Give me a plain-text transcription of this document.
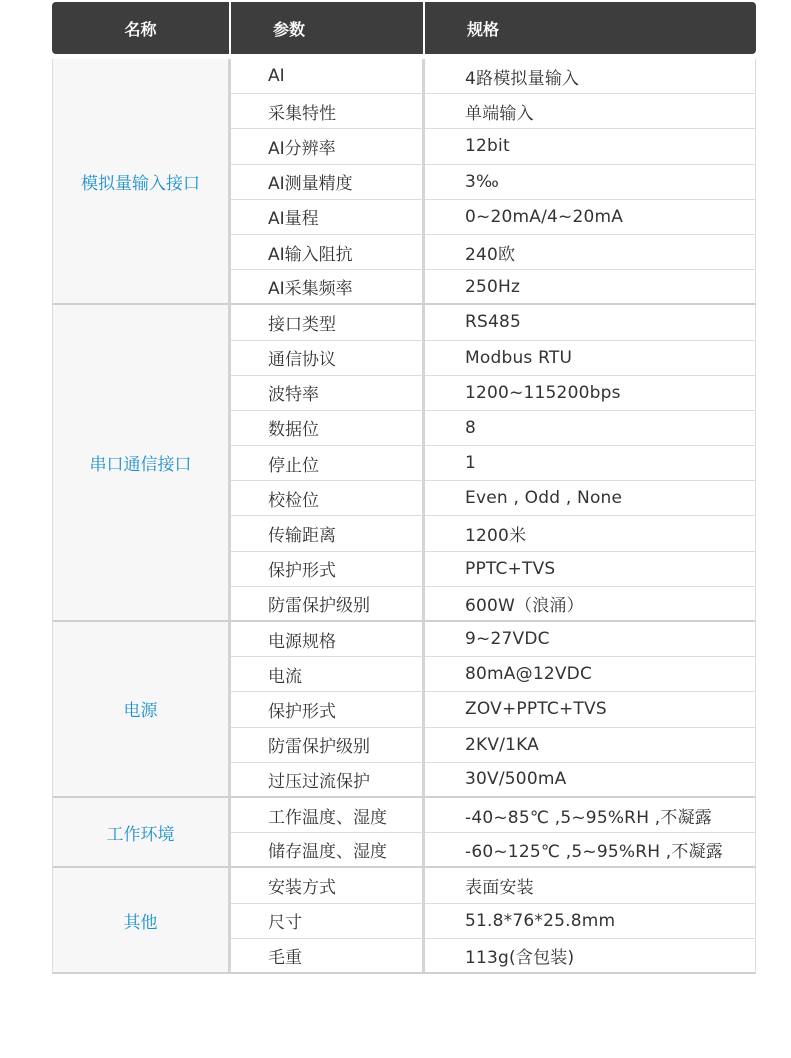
名称	参数	规格

模拟量输入接口	AI	4路模拟量输入
	采集特性	单端输入
	AI分辨率	12bit
	AI测量精度	3‰
	AI量程	0~20mA/4~20mA
	AI输入阻抗	240欧
	AI采集频率	250Hz
串口通信接口	接口类型	RS485
	通信协议	Modbus RTU
	波特率	1200~115200bps
	数据位	8
	停止位	1
	校检位	Even , Odd , None
	传输距离	1200米
	保护形式	PPTC+TVS
	防雷保护级别	600W（浪涌）
电源	电源规格	9~27VDC
	电流	80mA@12VDC
	保护形式	ZOV+PPTC+TVS
	防雷保护级别	2KV/1KA
	过压过流保护	30V/500mA
工作环境	工作温度、湿度	-40~85℃ ,5~95%RH ,不凝露
	储存温度、湿度	-60~125℃ ,5~95%RH ,不凝露
其他	安装方式	表面安装
	尺寸	51.8*76*25.8mm
	毛重	113g(含包装)
